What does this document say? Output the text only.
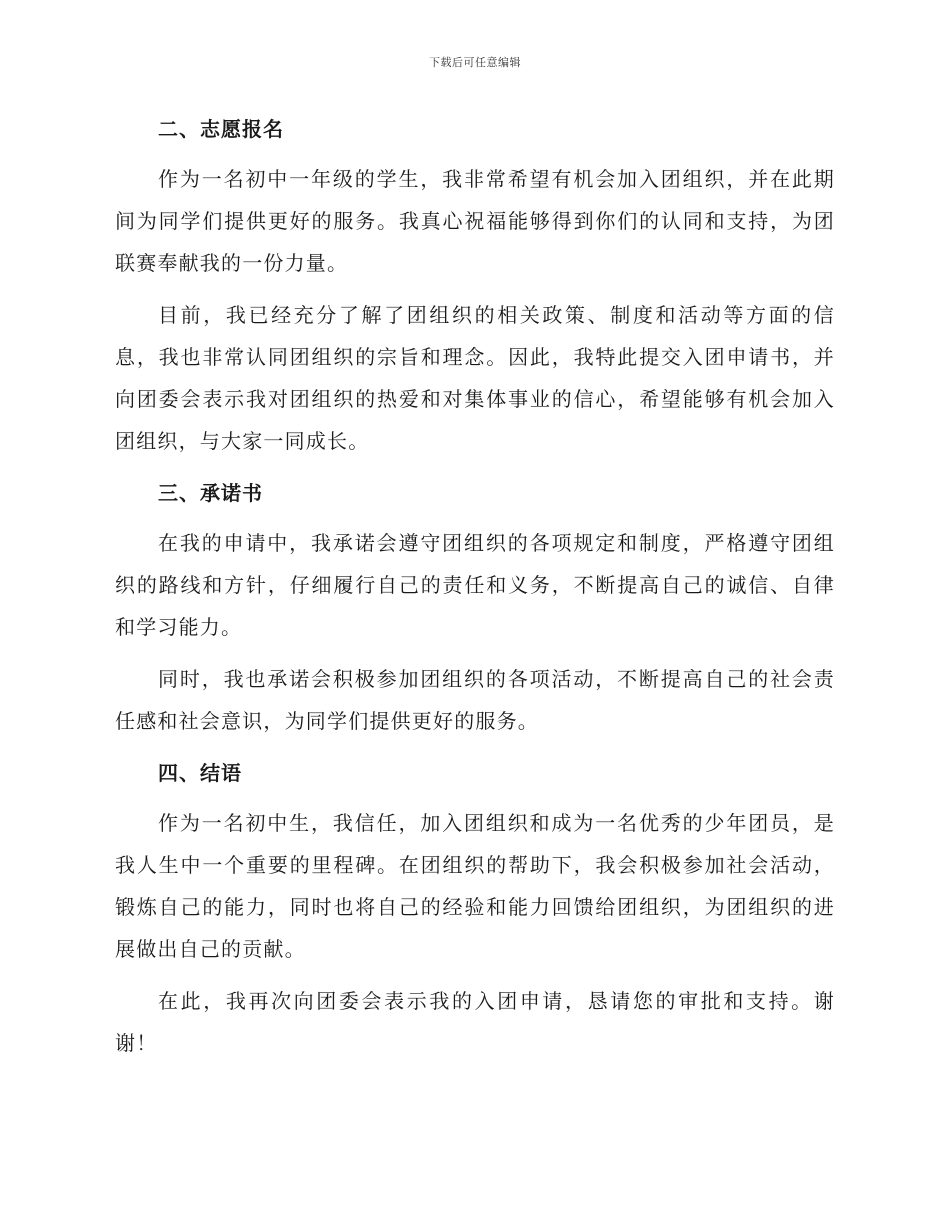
下载后可任意编辑
二、志愿报名

作为一名初中一年级的学生，我非常希望有机会加入团组织，并在此期间为同学们提供更好的服务。我真心祝福能够得到你们的认同和支持，为团联赛奉献我的一份力量。

目前，我已经充分了解了团组织的相关政策、制度和活动等方面的信息，我也非常认同团组织的宗旨和理念。因此，我特此提交入团申请书，并向团委会表示我对团组织的热爱和对集体事业的信心，希望能够有机会加入团组织，与大家一同成长。

三、承诺书

在我的申请中，我承诺会遵守团组织的各项规定和制度，严格遵守团组织的路线和方针，仔细履行自己的责任和义务，不断提高自己的诚信、自律和学习能力。

同时，我也承诺会积极参加团组织的各项活动，不断提高自己的社会责任感和社会意识，为同学们提供更好的服务。

四、结语

作为一名初中生，我信任，加入团组织和成为一名优秀的少年团员，是我人生中一个重要的里程碑。在团组织的帮助下，我会积极参加社会活动，锻炼自己的能力，同时也将自己的经验和能力回馈给团组织，为团组织的进展做出自己的贡献。

在此，我再次向团委会表示我的入团申请，恳请您的审批和支持。谢谢！
